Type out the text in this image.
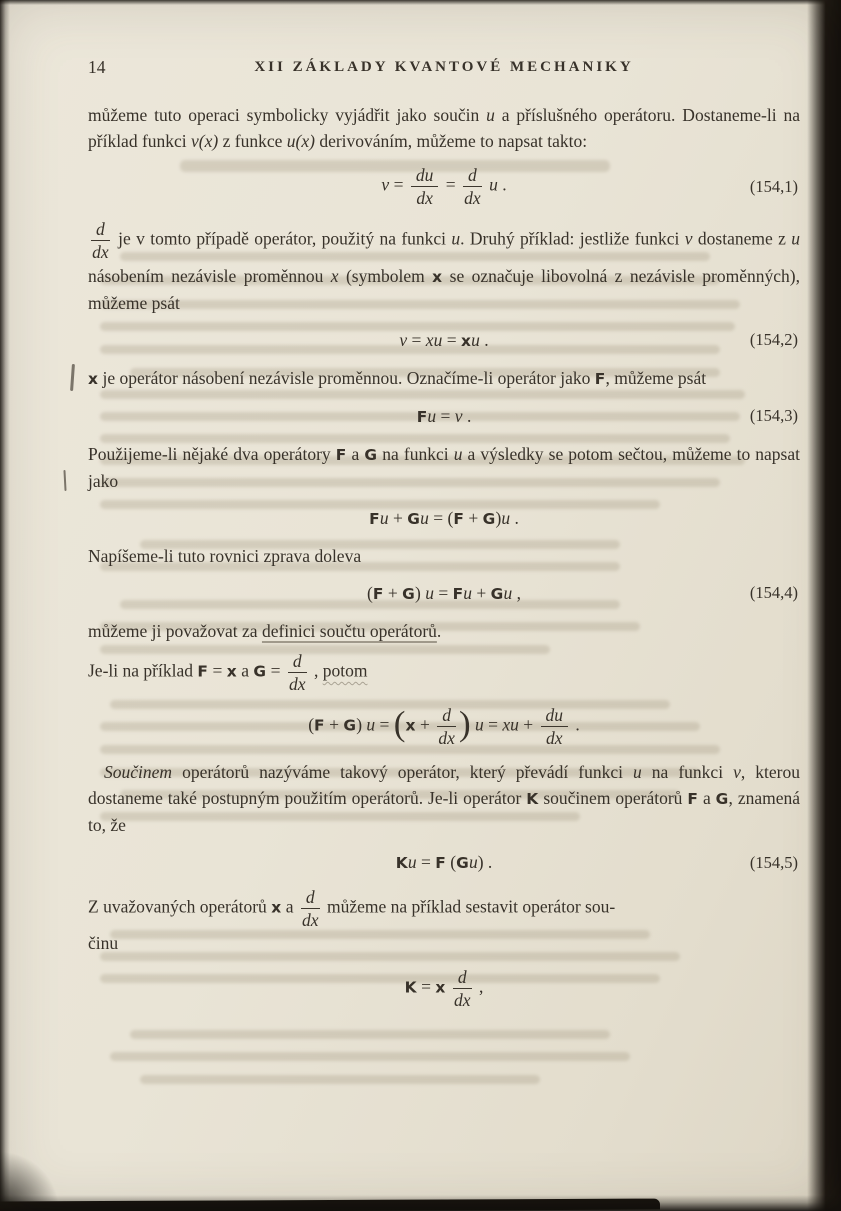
14	XII ZÁKLADY KVANTOVÉ MECHANIKY

můžeme tuto operaci symbolicky vyjádřit jako součin u a příslušného operátoru. Dostaneme-li na příklad funkci v(x) z funkce u(x) derivováním, můžeme to napsat takto:

$v = \frac{du}{dx} = \frac{d}{dx}$ u .	(154,1)

$\frac{d}{dx}$ je v tomto případě operátor, použitý na funkci u. Druhý příklad: jestliže funkci v dostaneme z u násobením nezávisle proměnnou x (symbolem x se označuje libovolná z nezávisle proměnných), můžeme psát

v = xu = xu .	(154,2)

x je operátor násobení nezávisle proměnnou. Označíme-li operátor jako F, můžeme psát

Fu = v .	(154,3)

Použijeme-li nějaké dva operátory F a G na funkci u a výsledky se potom sečtou, můžeme to napsat jako

Fu + Gu = (F + G)u .

Napíšeme-li tuto rovnici zprava doleva

(F + G) u = Fu + Gu ,	(154,4)

můžeme ji považovat za definici součtu operátorů.

Je-li na příklad F = x a $G = \frac{d}{dx}$ , potom

(F + G) $u = (x + \frac{d}{dx}$ ) u = xu + $\frac{du}{dx}$ .

Součinem operátorů nazýváme takový operátor, který převádí funkci u na funkci v, kterou dostaneme také postupným použitím operátorů. Je-li operátor K součinem operátorů F a G, znamená to, že

Ku = F (Gu) .	(154,5)

Z uvažovaných operátorů x a $\frac{d}{dx}$ můžeme na příklad sestavit operátor sou-
činu

K = x $\frac{d}{dx}$ ,
